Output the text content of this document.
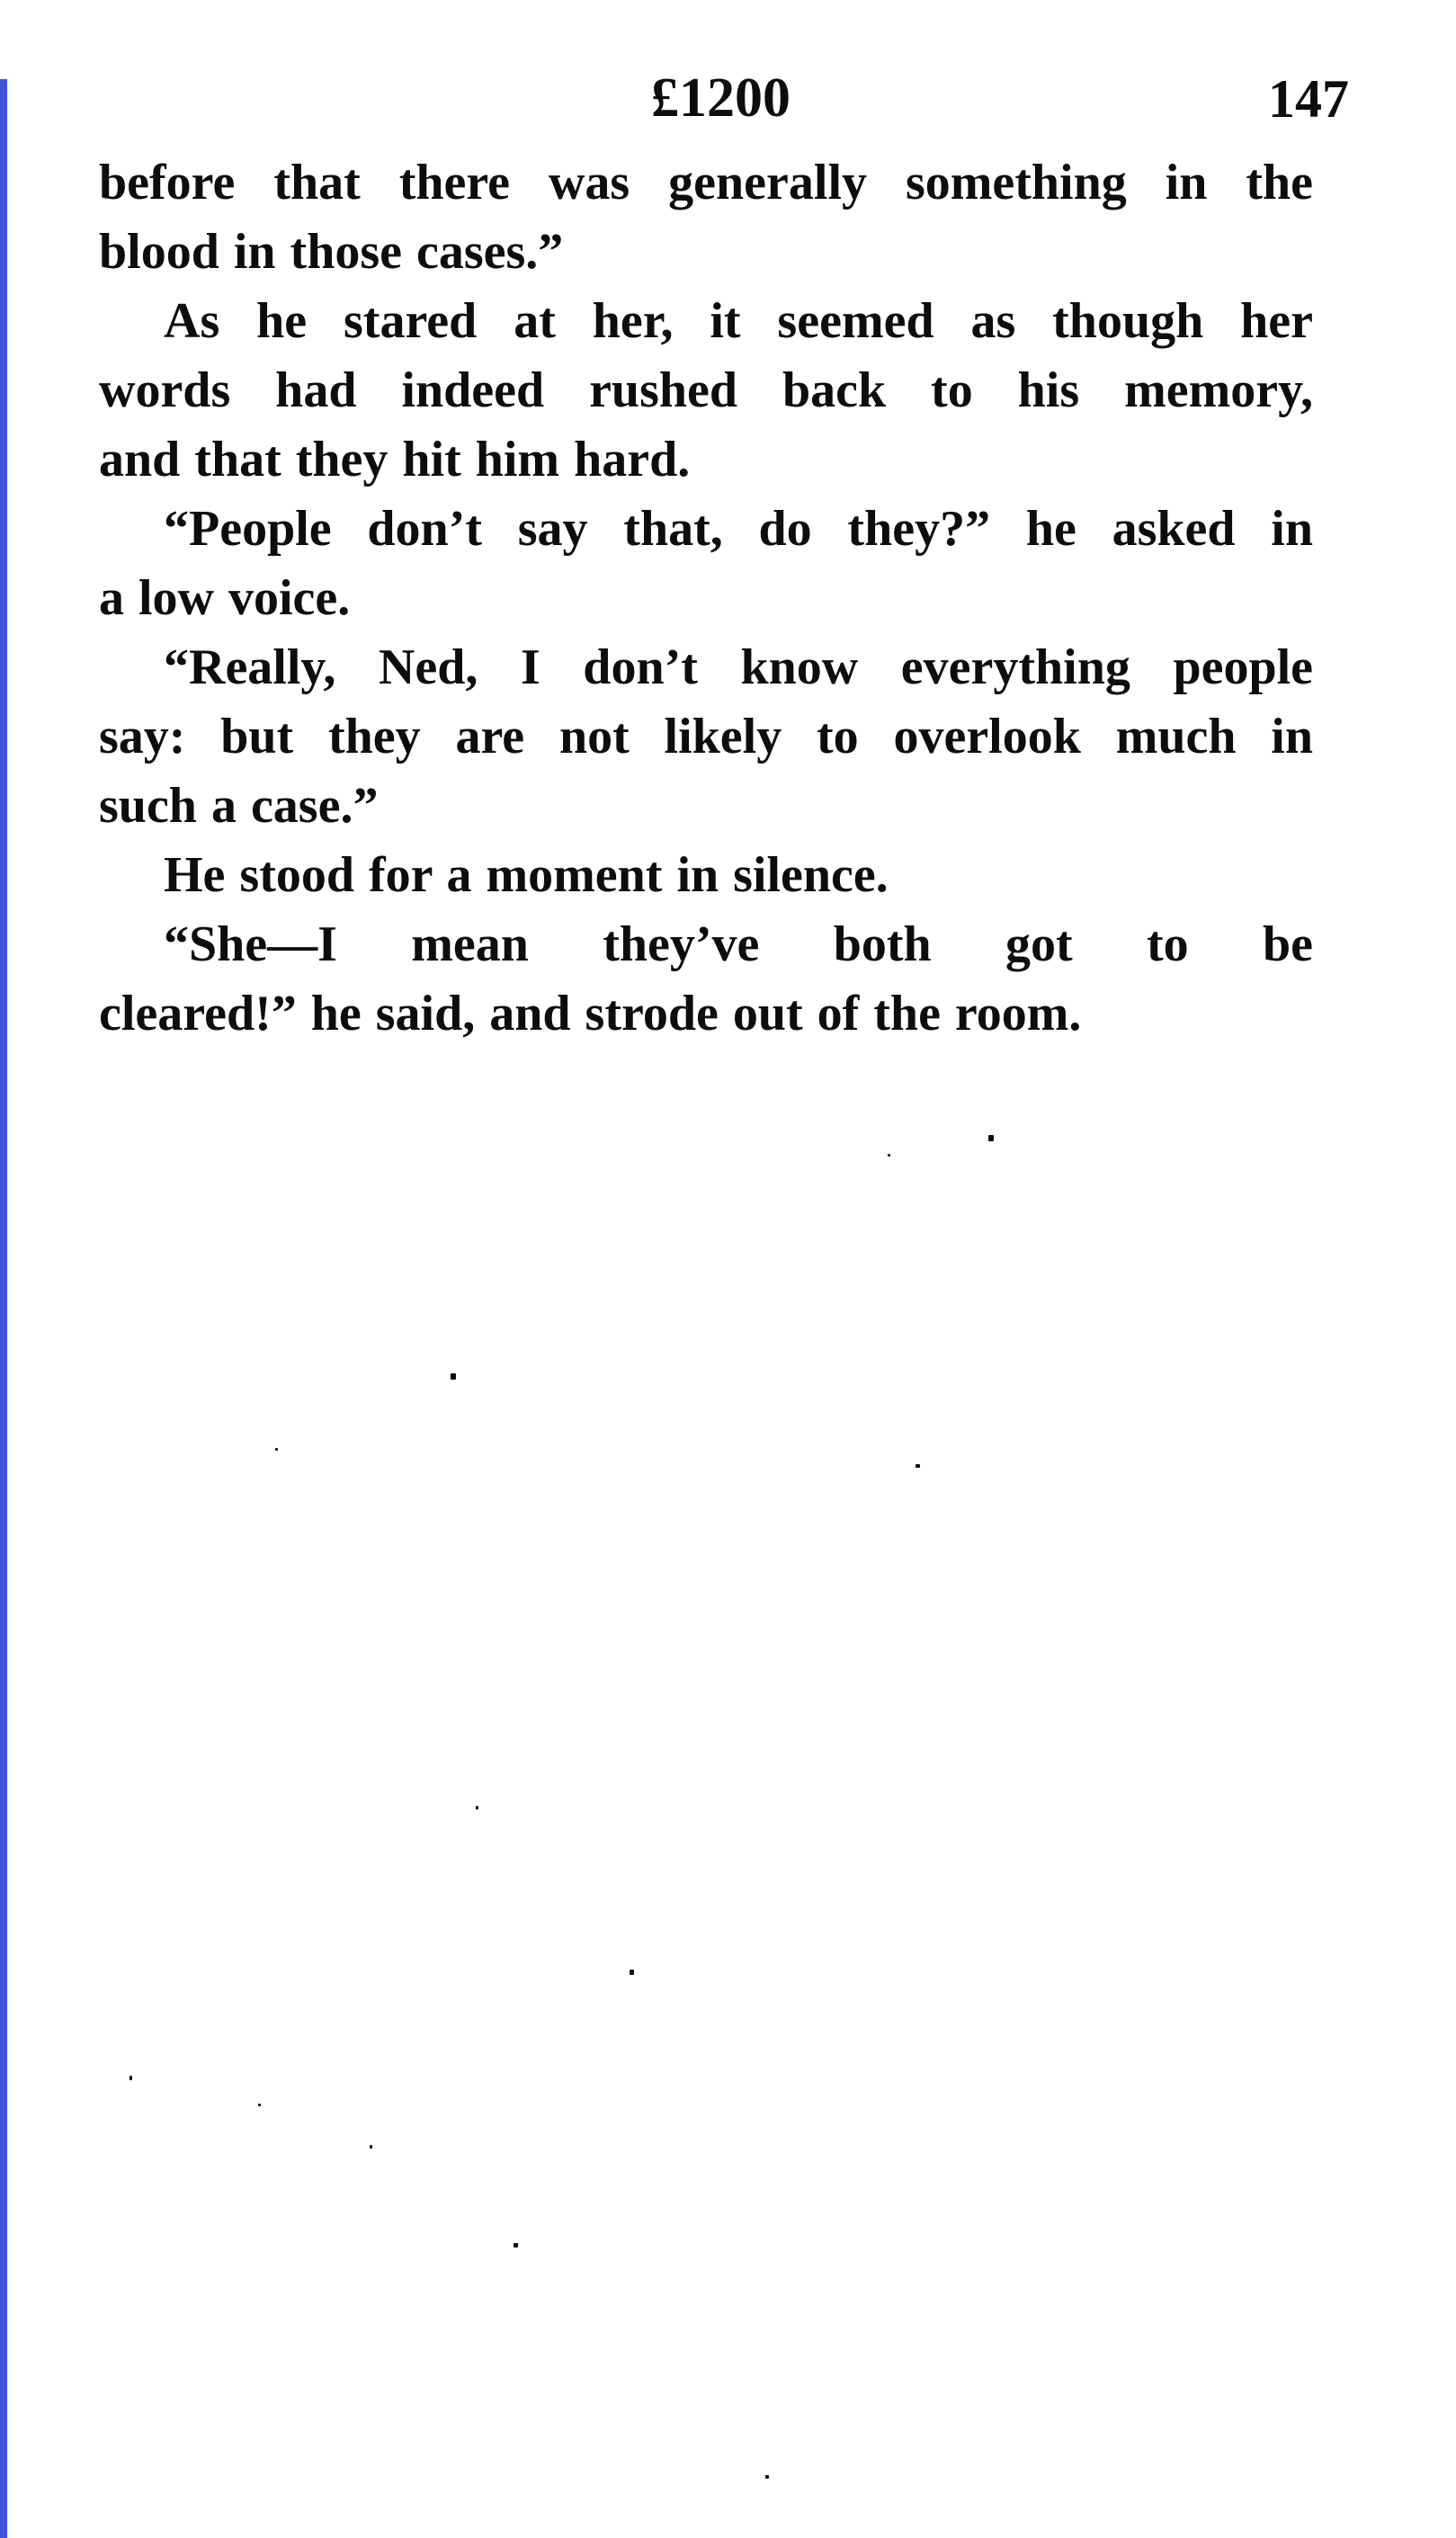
£1200	147
before that there was generally something in the
blood in those cases.”
As he stared at her, it seemed as though her
words had indeed rushed back to his memory,
and that they hit him hard.
“People don’t say that, do they?” he asked in
a low voice.
“Really, Ned, I don’t know everything people
say: but they are not likely to overlook much in
such a case.”
He stood for a moment in silence.
“She—I mean they’ve both got to be
cleared!” he said, and strode out of the room.
